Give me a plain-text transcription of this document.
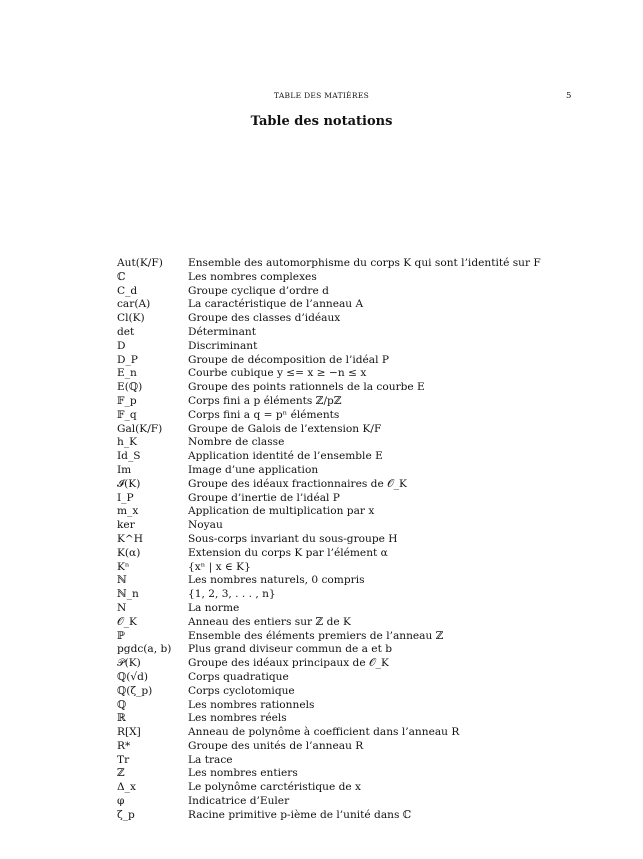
TABLE DES MATIÈRES	5
Table des notations
Aut(K/F)	Ensemble des automorphisme du corps K qui sont l’identité sur F
ℂ	Les nombres complexes
C_d	Groupe cyclique d’ordre d
car(A)	La caractéristique de l’anneau A
Cl(K)	Groupe des classes d’idéaux
det	Déterminant
D	Discriminant
D_P	Groupe de décomposition de l’idéal P
E_n	Courbe cubique y ≤= x ≥ −n ≤ x
E(ℚ)	Groupe des points rationnels de la courbe E
𝔽_p	Corps fini a p éléments ℤ/pℤ
𝔽_q	Corps fini a q = pⁿ éléments
Gal(K/F)	Groupe de Galois de l’extension K/F
h_K	Nombre de classe
Id_S	Application identité de l’ensemble E
Im	Image d’une application
𝓘(K)	Groupe des idéaux fractionnaires de 𝒪_K
I_P	Groupe d’inertie de l’idéal P
m_x	Application de multiplication par x
ker	Noyau
K^H	Sous-corps invariant du sous-groupe H
K(α)	Extension du corps K par l’élément α
Kⁿ	{xⁿ | x ∈ K}
ℕ	Les nombres naturels, 0 compris
ℕ_n	{1, 2, 3, . . . , n}
N	La norme
𝒪_K	Anneau des entiers sur ℤ de K
ℙ	Ensemble des éléments premiers de l’anneau ℤ
pgdc(a, b)	Plus grand diviseur commun de a et b
𝒫(K)	Groupe des idéaux principaux de 𝒪_K
ℚ(√d)	Corps quadratique
ℚ(ζ_p)	Corps cyclotomique
ℚ	Les nombres rationnels
ℝ	Les nombres réels
R[X]	Anneau de polynôme à coefficient dans l’anneau R
R*	Groupe des unités de l’anneau R
Tr	La trace
ℤ	Les nombres entiers
Δ_x	Le polynôme carctéristique de x
φ	Indicatrice d’Euler
ζ_p	Racine primitive p-ième de l’unité dans ℂ
